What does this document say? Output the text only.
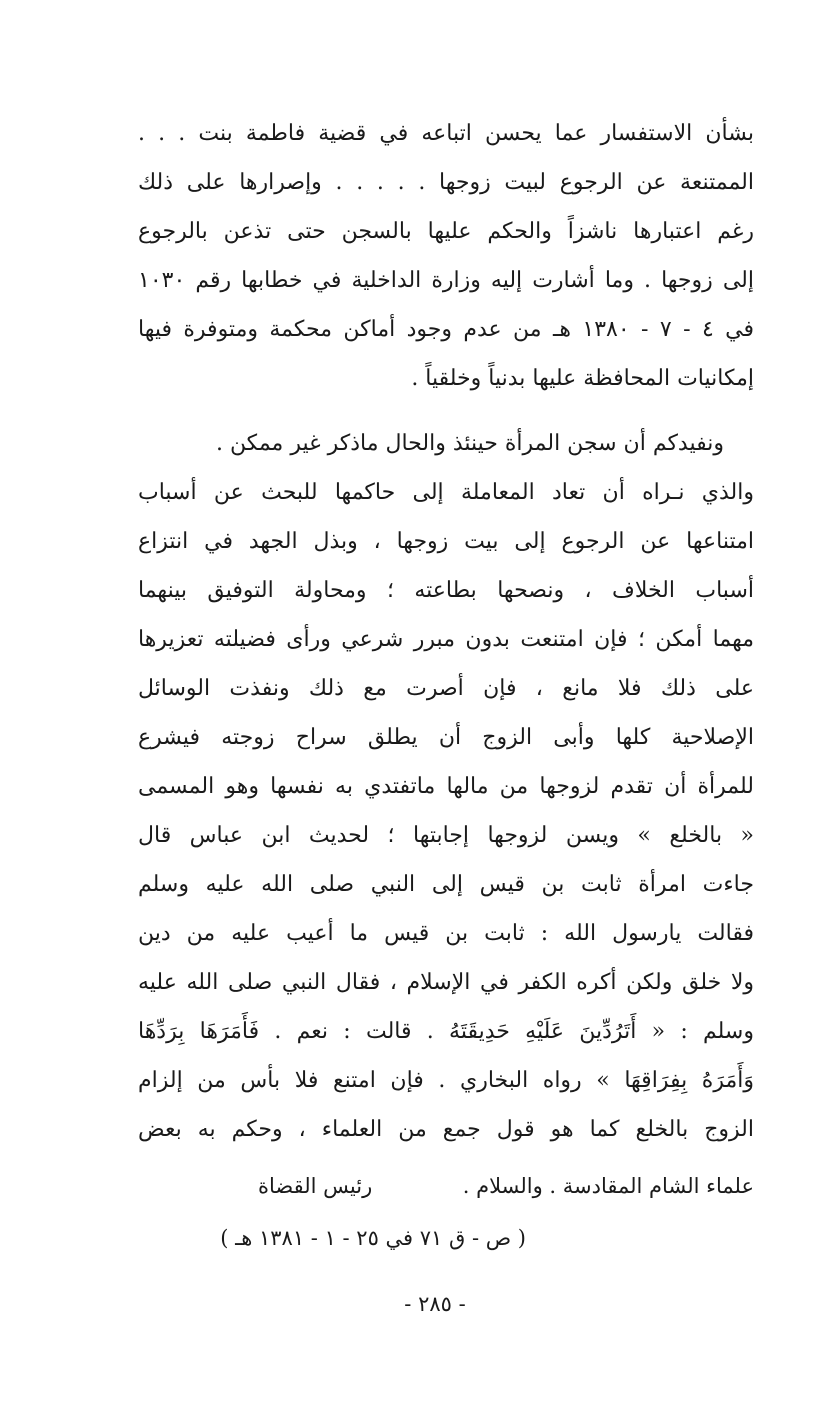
بشأن الاستفسار عما يحسن اتباعه في قضية فاطمة بنت . . .
الممتنعة عن الرجوع لبيت زوجها . . . . . وإصرارها على ذلك
رغم اعتبارها ناشزاً والحكم عليها بالسجن حتى تذعن بالرجوع
إلى زوجها . وما أشارت إليه وزارة الداخلية في خطابها رقم ١٠٣٠
في ٤ - ٧ - ١٣٨٠ هـ من عدم وجود أماكن محكمة ومتوفرة فيها
إمكانيات المحافظة عليها بدنياً وخلقياً .
ونفيدكم أن سجن المرأة حينئذ والحال ماذكر غير ممكن .
والذي نـراه أن تعاد المعاملة إلى حاكمها للبحث عن أسباب
امتناعها عن الرجوع إلى بيت زوجها ، وبذل الجهد في انتزاع
أسباب الخلاف ، ونصحها بطاعته ؛ ومحاولة التوفيق بينهما
مهما أمكن ؛ فإن امتنعت بدون مبرر شرعي ورأى فضيلته تعزيرها
على ذلك فلا مانع ، فإن أصرت مع ذلك ونفذت الوسائل
الإصلاحية كلها وأبى الزوج أن يطلق سراح زوجته فيشرع
للمرأة أن تقدم لزوجها من مالها ماتفتدي به نفسها وهو المسمى
« بالخلع » ويسن لزوجها إجابتها ؛ لحديث ابن عباس قال
جاءت امرأة ثابت بن قيس إلى النبي صلى الله عليه وسلم
فقالت يارسول الله : ثابت بن قيس ما أعيب عليه من دين
ولا خلق ولكن أكره الكفر في الإسلام ، فقال النبي صلى الله عليه
وسلم : « أَتَرُدِّينَ عَلَيْهِ حَدِيقَتَهُ . قالت : نعم . فَأَمَرَهَا بِرَدِّهَا
وَأَمَرَهُ بِفِرَاقِهَا » رواه البخاري . فإن امتنع فلا بأس من إلزام
الزوج بالخلع كما هو قول جمع من العلماء ، وحكم به بعض
علماء الشام المقادسة . والسلام .
رئيس القضاة
( ص - ق ٧١ في ٢٥ - ١ - ١٣٨١ هـ )
- ٢٨٥ -
